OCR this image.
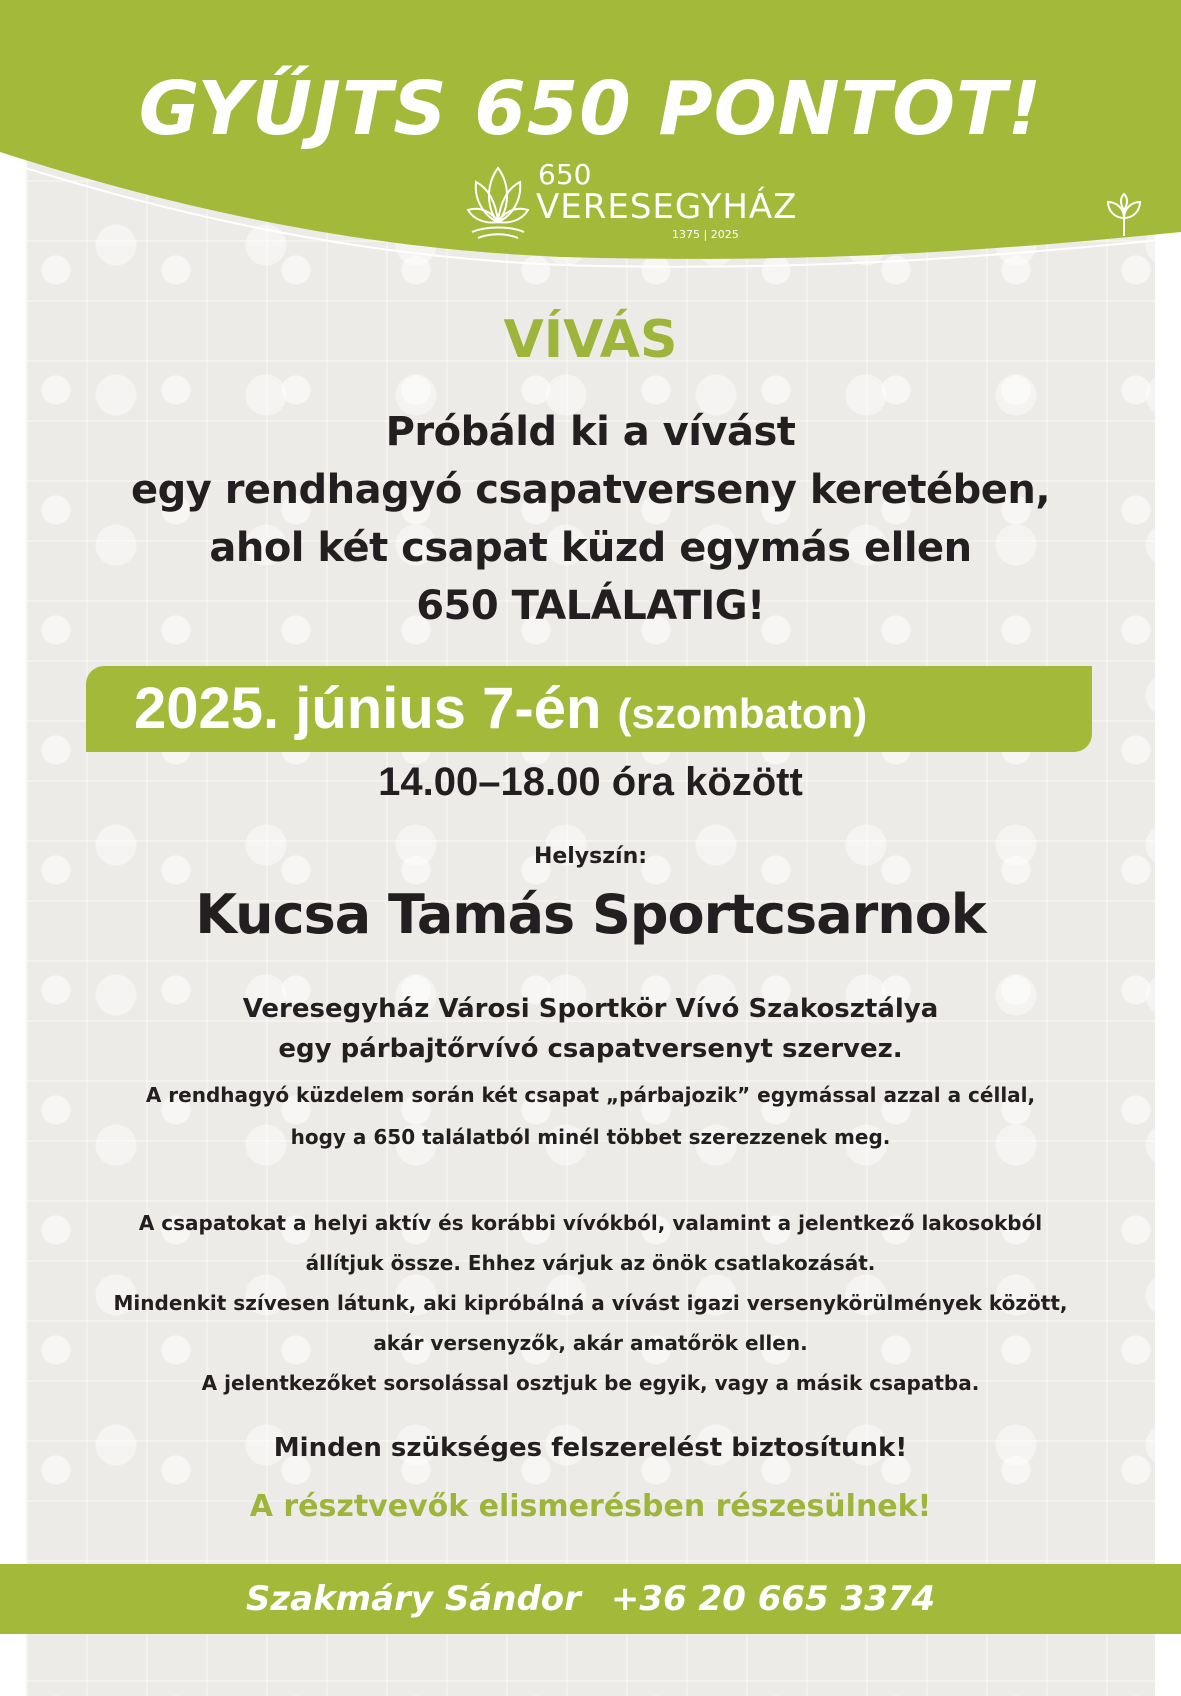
GYŰJTS 650 PONTOT!
650
VERESEGYHÁZ
1375 | 2025
VÍVÁS
Próbáld ki a vívást
egy rendhagyó csapatverseny keretében,
ahol két csapat küzd egymás ellen
650 TALÁLATIG!
2025. június 7-én (szombaton)
14.00–18.00 óra között
Helyszín:
Kucsa Tamás Sportcsarnok
Veresegyház Városi Sportkör Vívó Szakosztálya
egy párbajtőrvívó csapatversenyt szervez.
A rendhagyó küzdelem során két csapat „párbajozik” egymással azzal a céllal,
hogy a 650 találatból minél többet szerezzenek meg.
A csapatokat a helyi aktív és korábbi vívókból, valamint a jelentkező lakosokból
állítjuk össze. Ehhez várjuk az önök csatlakozását.
Mindenkit szívesen látunk, aki kipróbálná a vívást igazi versenykörülmények között,
akár versenyzők, akár amatőrök ellen.
A jelentkezőket sorsolással osztjuk be egyik, vagy a másik csapatba.
Minden szükséges felszerelést biztosítunk!
A résztvevők elismerésben részesülnek!
Szakmáry Sándor +36 20 665 3374
